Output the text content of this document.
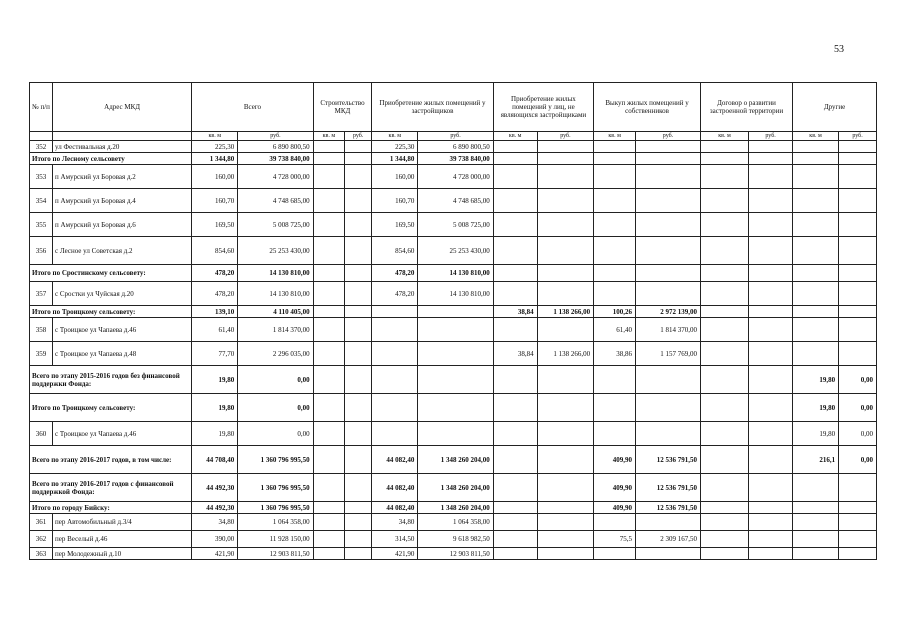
53
№ п/п	Адрес МКД	Всего		Строительство МКД		Приобретение жилых помещений у застройщиков		Приобретение жилых помещений у лиц, не являющихся застройщиками		Выкуп жилых помещений у собственников		Договор о развитии застроенной территории		Другие	
		кв. м	руб.	кв. м	руб.	кв. м	руб.	кв. м	руб.	кв. м	руб.	кв. м	руб.	кв. м	руб.
352	ул Фестивальная д.20	225,30	6 890 800,50			225,30	6 890 800,50								
Итого по Лесному сельсовету		1 344,80	39 738 840,00			1 344,80	39 738 840,00								
353	п Амурский ул Боровая д.2	160,00	4 728 000,00			160,00	4 728 000,00								
354	п Амурский ул Боровая д.4	160,70	4 748 685,00			160,70	4 748 685,00								
355	п Амурский ул Боровая д.6	169,50	5 008 725,00			169,50	5 008 725,00								
356	с Лесное ул Советская д.2	854,60	25 253 430,00			854,60	25 253 430,00								
Итого по Сростинскому сельсовету:		478,20	14 130 810,00			478,20	14 130 810,00								
357	с Сростки ул Чуйская д.20	478,20	14 130 810,00			478,20	14 130 810,00								
Итого по Троицкому сельсовету:		139,10	4 110 405,00					38,84	1 138 266,00	100,26	2 972 139,00				
358	с Троицкое ул Чапаева д.46	61,40	1 814 370,00							61,40	1 814 370,00				
359	с Троицкое ул Чапаева д.48	77,70	2 296 035,00					38,84	1 138 266,00	38,86	1 157 769,00				
Всего по этапу 2015-2016 годов без финансовой поддержки Фонда:		19,80	0,00											19,80	0,00
Итого по Троицкому сельсовету:		19,80	0,00											19,80	0,00
360	с Троицкое ул Чапаева д.46	19,80	0,00											19,80	0,00
Всего по этапу 2016-2017 годов, в том числе:		44 708,40	1 360 796 995,50			44 082,40	1 348 260 204,00			409,90	12 536 791,50			216,1	0,00
Всего по этапу 2016-2017 годов с финансовой поддержкой Фонда:		44 492,30	1 360 796 995,50			44 082,40	1 348 260 204,00			409,90	12 536 791,50				
Итого по городу Бийску:		44 492,30	1 360 796 995,50			44 082,40	1 348 260 204,00			409,90	12 536 791,50				
361	пер Автомобильный д.3/4	34,80	1 064 358,00			34,80	1 064 358,00								
362	пер Веселый д.46	390,00	11 928 150,00			314,50	9 618 982,50			75,5	2 309 167,50				
363	пер Молодежный д.10	421,90	12 903 811,50			421,90	12 903 811,50								
